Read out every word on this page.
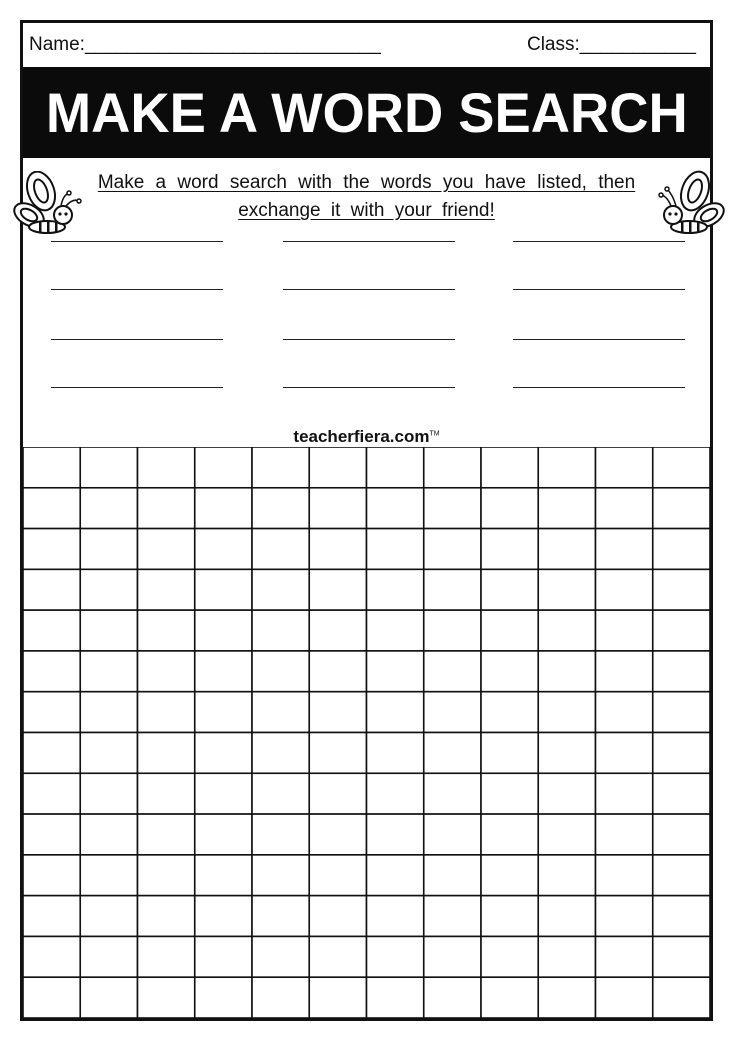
Name:____________________________	Class:___________
MAKE A WORD SEARCH
Make a word search with the words you have listed, then
exchange it with your friend!
teacherfiera.com™
